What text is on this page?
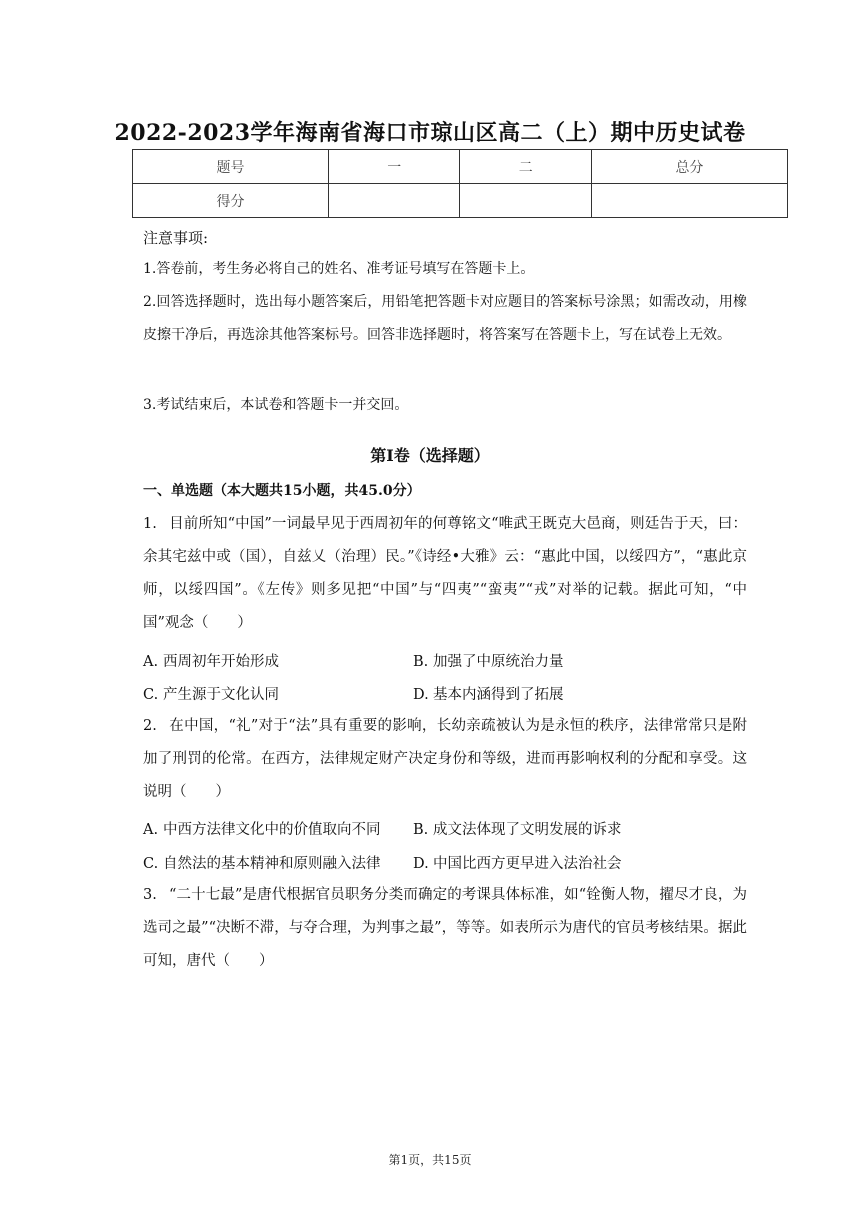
2022-2023学年海南省海口市琼山区高二（上）期中历史试卷
题号	一	二	总分
得分			
注意事项:
1.答卷前，考生务必将自己的姓名、准考证号填写在答题卡上。
2.回答选择题时，选出每小题答案后，用铅笔把答题卡对应题目的答案标号涂黑；如需改动，用橡皮擦干净后，再选涂其他答案标号。回答非选择题时，将答案写在答题卡上，写在试卷上无效。
3.考试结束后，本试卷和答题卡一并交回。
第I卷（选择题）
一、单选题（本大题共15小题，共45.0分）
1. 目前所知“中国”一词最早见于西周初年的何尊铭文“唯武王既克大邑商，则廷告于天，曰：余其宅兹中或（国），自兹乂（治理）民。”《诗经•大雅》云：“惠此中国，以绥四方”，“惠此京师，以绥四国”。《左传》则多见把“中国”与“四夷”“蛮夷”“戎”对举的记载。据此可知，“中国”观念（　　）
A. 西周初年开始形成	B. 加强了中原统治力量
C. 产生源于文化认同	D. 基本内涵得到了拓展
2. 在中国，“礼”对于“法”具有重要的影响，长幼亲疏被认为是永恒的秩序，法律常常只是附加了刑罚的伦常。在西方，法律规定财产决定身份和等级，进而再影响权利的分配和享受。这说明（　　）
A. 中西方法律文化中的价值取向不同 B. 成文法体现了文明发展的诉求
C. 自然法的基本精神和原则融入法律 D. 中国比西方更早进入法治社会
3. “二十七最”是唐代根据官员职务分类而确定的考课具体标准，如“铨衡人物，擢尽才良，为选司之最”“决断不滞，与夺合理，为判事之最”，等等。如表所示为唐代的官员考核结果。据此可知，唐代（　　）
第1页，共15页
